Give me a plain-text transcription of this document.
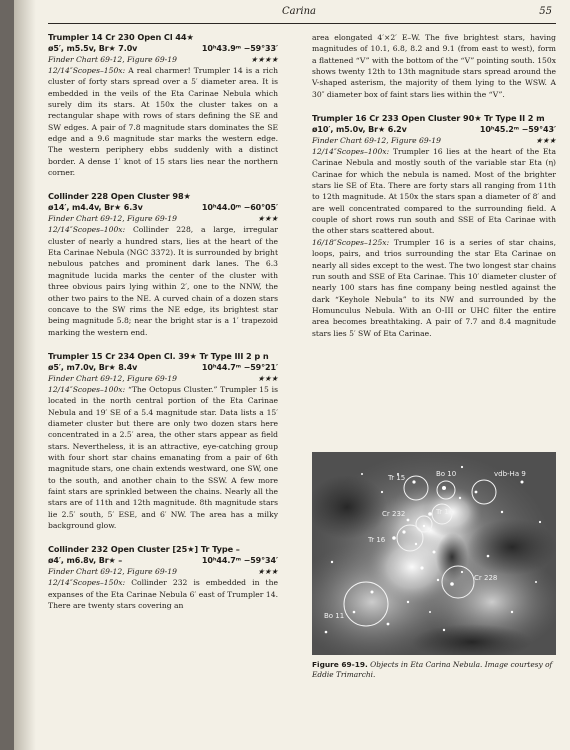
Carina	55
Trumpler 14 Cr 230 Open Cl 44★
ø5′, m5.5v, Br★ 7.0v	10ʰ43.9ᵐ −59°33′
Finder Chart 69-12, Figure 69-19	★★★★

12/14″Scopes–150x: A real charmer! Trumpler 14 is a rich cluster of forty stars spread over a 5′ diameter area. It is embedded in the veils of the Eta Carinae Nebula which surely dim its stars. At 150x the cluster takes on a rectangular shape with rows of stars defining the SE and SW edges. A pair of 7.8 magnitude stars dominates the SE edge and a 9.6 magnitude star marks the western edge. The western periphery ebbs suddenly with a distinct border. A dense 1′ knot of 15 stars lies near the northern corner.

Collinder 228 Open Cluster 98★
ø14′, m4.4v, Br★ 6.3v	10ʰ44.0ᵐ −60°05′
Finder Chart 69-12, Figure 69-19	★★★

12/14″Scopes–100x: Collinder 228, a large, irregular cluster of nearly a hundred stars, lies at the heart of the Eta Carinae Nebula (NGC 3372). It is surrounded by bright nebulous patches and prominent dark lanes. The 6.3 magnitude lucida marks the center of the cluster with three obvious pairs lying within 2′, one to the NNW, the other two pairs to the NE. A curved chain of a dozen stars concave to the SW rims the NE edge, its brightest star being magnitude 5.8; near the bright star is a 1′ trapezoid marking the western end.

Trumpler 15 Cr 234 Open Cl. 39★ Tr Type III 2 p n
ø5′, m7.0v, Br★ 8.4v	10ʰ44.7ᵐ −59°21′
Finder Chart 69-12, Figure 69-19	★★★

12/14″Scopes–100x: “The Octopus Cluster.” Trumpler 15 is located in the north central portion of the Eta Carinae Nebula and 19′ SE of a 5.4 magnitude star. Data lists a 15′ diameter cluster but there are only two dozen stars here concentrated in a 2.5′ area, the other stars appear as field stars. Nevertheless, it is an attractive, eye-catching group with four short star chains emanating from a pair of 6th magnitude stars, one chain extends westward, one SW, one to the south, and another chain to the SSW. A few more faint stars are sprinkled between the chains. Nearly all the stars are of 11th and 12th magnitude. 8th magnitude stars lie 2.5′ south, 5′ ESE, and 6′ NW. The area has a milky background glow.

Collinder 232 Open Cluster [25★] Tr Type –
ø4′, m6.8v, Br★ –	10ʰ44.7ᵐ −59°34′
Finder Chart 69-12, Figure 69-19	★★★

12/14″Scopes–150x: Collinder 232 is embedded in the expanses of the Eta Carinae Nebula 6′ east of Trumpler 14. There are twenty stars covering an

area elongated 4′×2′ E–W. The five brightest stars, having magnitudes of 10.1, 6.8, 8.2 and 9.1 (from east to west), form a flattened “V” with the bottom of the “V” pointing south. 150x shows twenty 12th to 13th magnitude stars spread around the V-shaped asterism, the majority of them lying to the WSW. A 30″ diameter box of faint stars lies within the “V”.

Trumpler 16 Cr 233 Open Cluster 90★ Tr Type II 2 m
ø10′, m5.0v, Br★ 6.2v	10ʰ45.2ᵐ −59°43′
Finder Chart 69-12, Figure 69-19	★★★

12/14″Scopes–100x: Trumpler 16 lies at the heart of the Eta Carinae Nebula and mostly south of the variable star Eta (η) Carinae for which the nebula is named. Most of the brighter stars lie SE of Eta. There are forty stars all ranging from 11th to 12th magnitude. At 150x the stars span a diameter of 8′ and are well concentrated compared to the surrounding field. A couple of short rows run south and SSE of Eta Carinae with the other stars scattered about.

16/18″Scopes–125x: Trumpler 16 is a series of star chains, loops, pairs, and trios surrounding the star Eta Carinae on nearly all sides except to the west. The two longest star chains run south and SSE of Eta Carinae. This 10′ diameter cluster of nearly 100 stars has fine company being nestled against the dark “Keyhole Nebula” to its NW and surrounded by the Homunculus Nebula. With an O-III or UHC filter the entire area becomes breathtaking. A pair of 7.7 and 8.4 magnitude stars lies 5′ SW of Eta Carinae.

Tr 15	Bo 10	vdb-Ha 9
Cr 232	Tr 14
Tr 16
Cr 228
Bo 11
Figure 69-19. Objects in Eta Carina Nebula. Image courtesy of Eddie Trimarchi.
